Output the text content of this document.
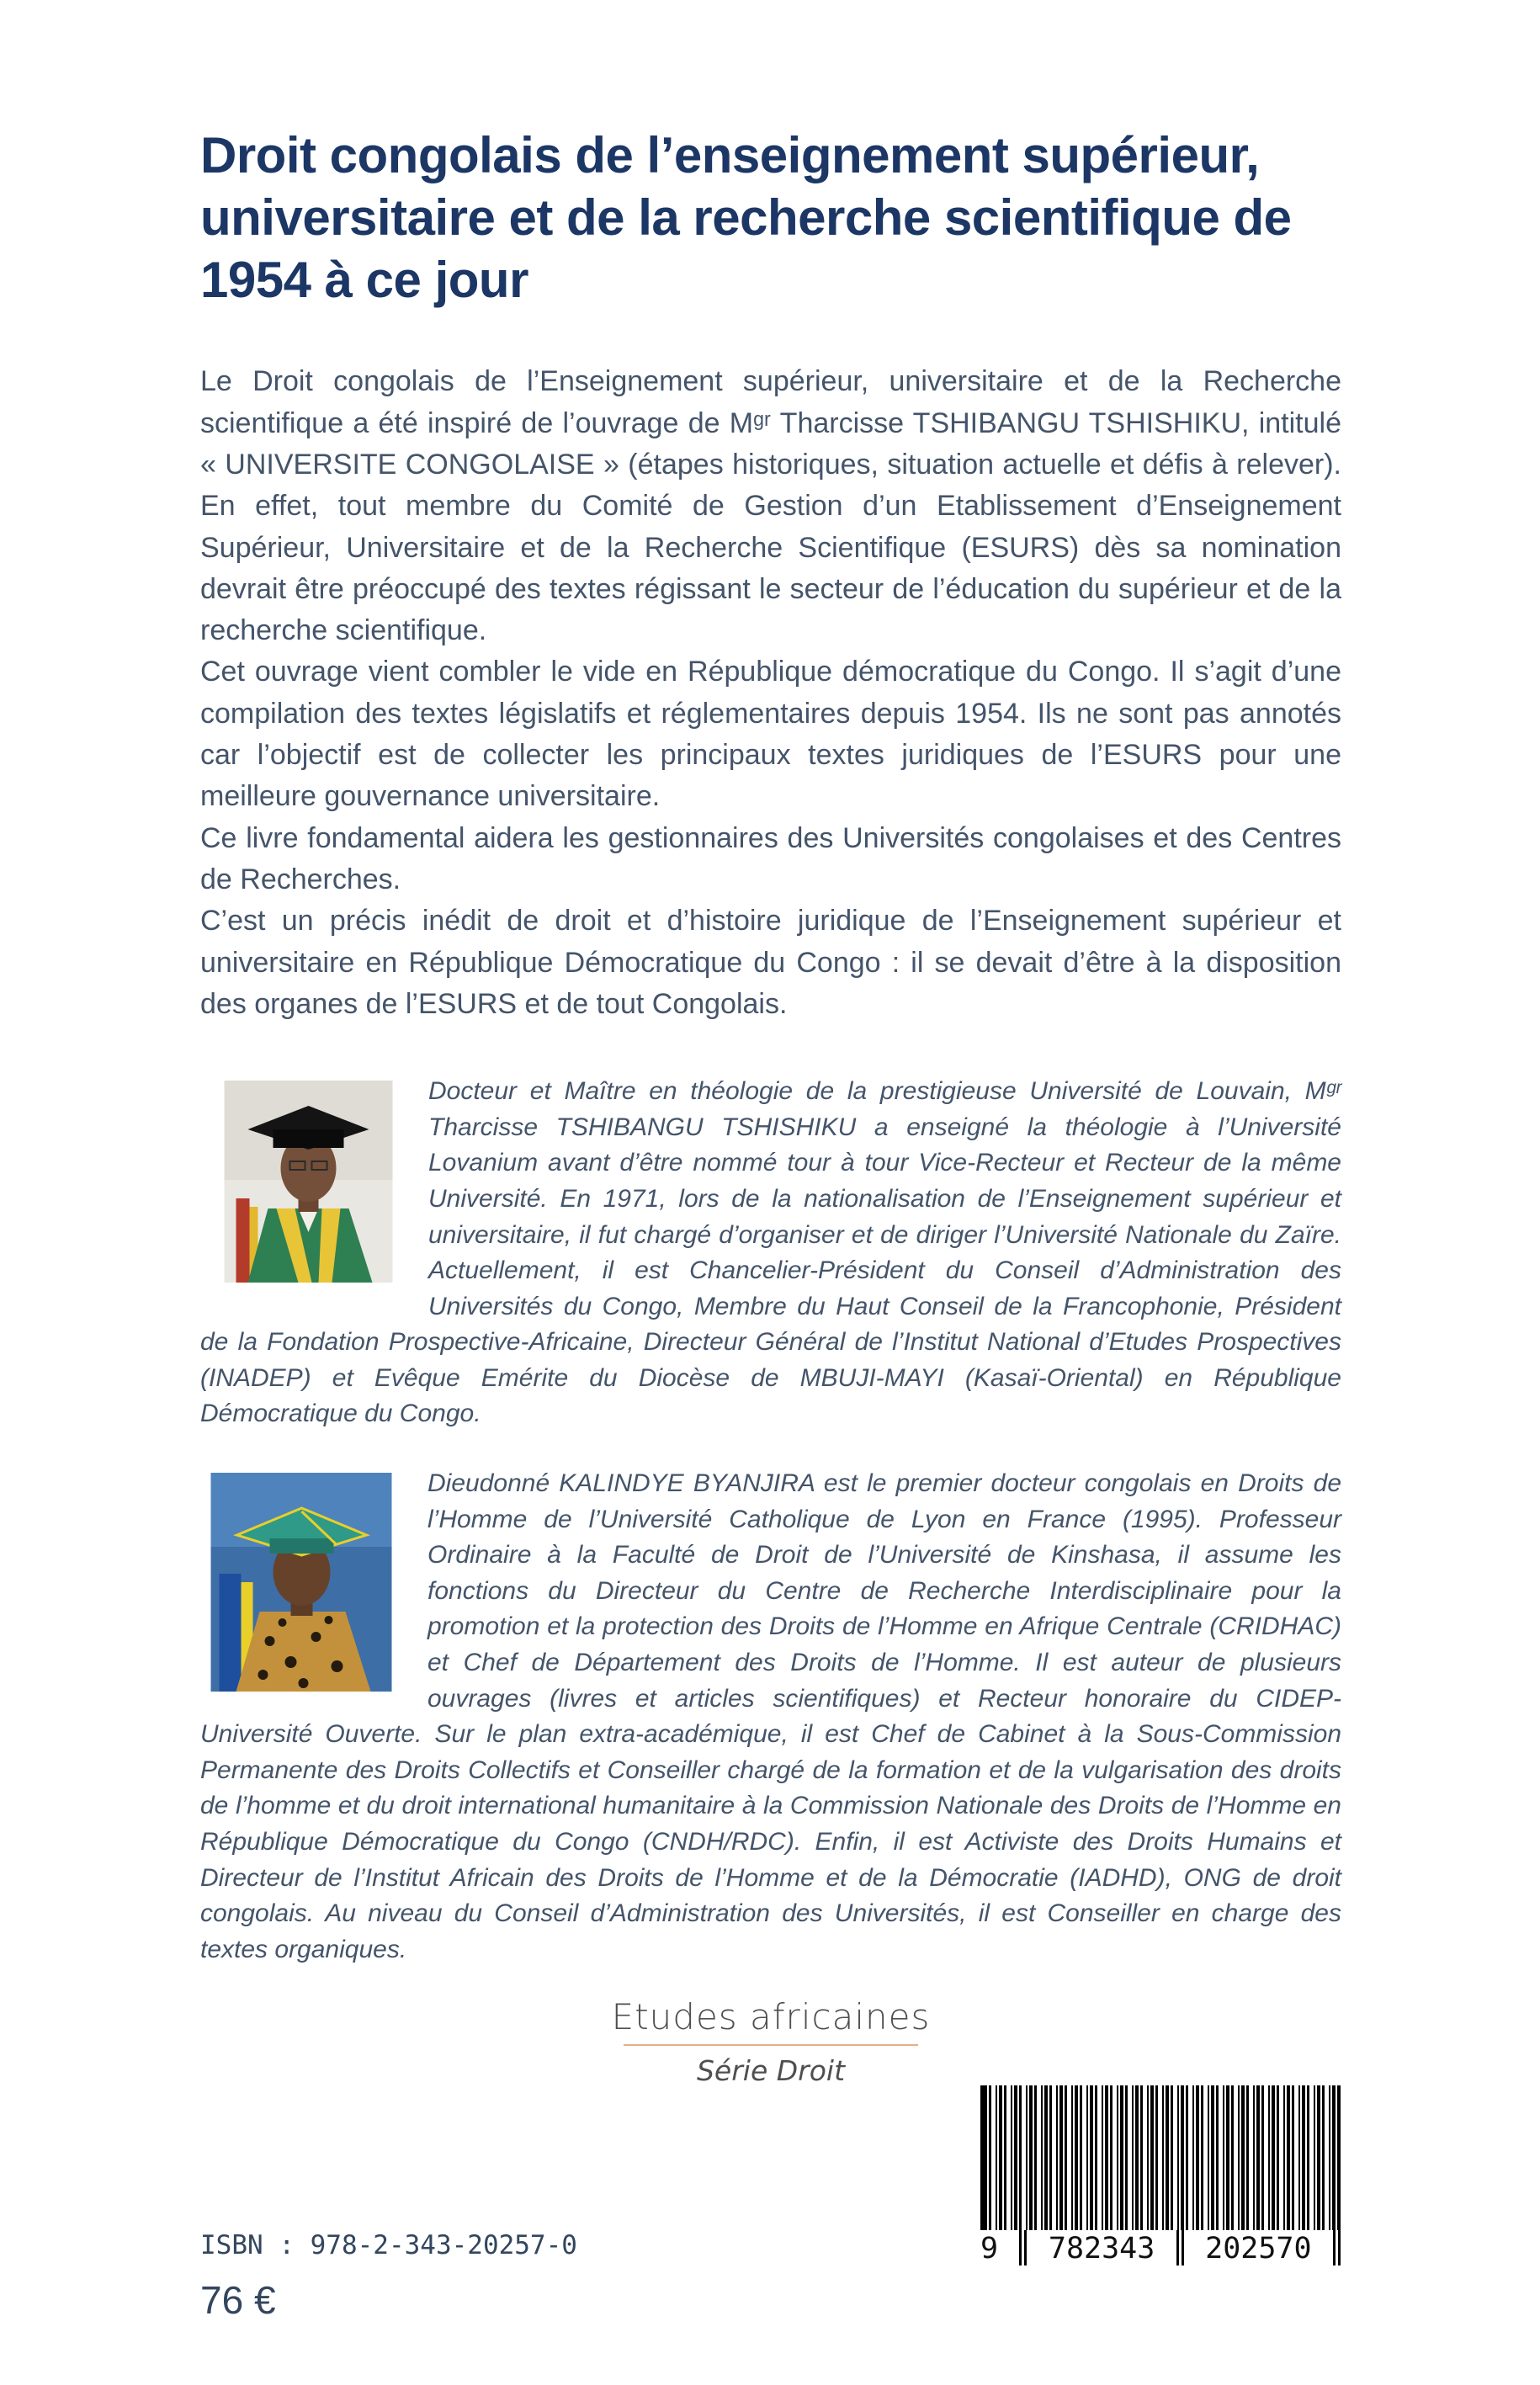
Droit congolais de l’enseignement supérieur, universitaire et de la recherche scientifique de 1954 à ce jour

Le Droit congolais de l’Enseignement supérieur, universitaire et de la Recherche scientifique a été inspiré de l’ouvrage de Mᵍʳ Tharcisse TSHIBANGU TSHISHIKU, intitulé « UNIVERSITE CONGOLAISE » (étapes historiques, situation actuelle et défis à relever). En effet, tout membre du Comité de Gestion d’un Etablissement d’Enseignement Supérieur, Universitaire et de la Recherche Scientifique (ESURS) dès sa nomination devrait être préoccupé des textes régissant le secteur de l’éducation du supérieur et de la recherche scientifique.

Cet ouvrage vient combler le vide en République démocratique du Congo. Il s’agit d’une compilation des textes législatifs et réglementaires depuis 1954. Ils ne sont pas annotés car l’objectif est de collecter les principaux textes juridiques de l’ESURS pour une meilleure gouvernance universitaire.

Ce livre fondamental aidera les gestionnaires des Universités congolaises et des Centres de Recherches.

C’est un précis inédit de droit et d’histoire juridique de l’Enseignement supérieur et universitaire en République Démocratique du Congo : il se devait d’être à la disposition des organes de l’ESURS et de tout Congolais.

Docteur et Maître en théologie de la prestigieuse Université de Louvain, Mᵍʳ Tharcisse TSHIBANGU TSHISHIKU a enseigné la théologie à l’Université Lovanium avant d’être nommé tour à tour Vice-Recteur et Recteur de la même Université. En 1971, lors de la nationalisation de l’Enseignement supérieur et universitaire, il fut chargé d’organiser et de diriger l’Université Nationale du Zaïre. Actuellement, il est Chancelier-Président du Conseil d’Administration des Universités du Congo, Membre du Haut Conseil de la Francophonie, Président de la Fondation Prospective-Africaine, Directeur Général de l’Institut National d’Etudes Prospectives (INADEP) et Evêque Emérite du Diocèse de MBUJI-MAYI (Kasaï-Oriental) en République Démocratique du Congo.

Dieudonné KALINDYE BYANJIRA est le premier docteur congolais en Droits de l’Homme de l’Université Catholique de Lyon en France (1995). Professeur Ordinaire à la Faculté de Droit de l’Université de Kinshasa, il assume les fonctions du Directeur du Centre de Recherche Interdisciplinaire pour la promotion et la protection des Droits de l’Homme en Afrique Centrale (CRIDHAC) et Chef de Département des Droits de l’Homme. Il est auteur de plusieurs ouvrages (livres et articles scientifiques) et Recteur honoraire du CIDEP-Université Ouverte. Sur le plan extra-académique, il est Chef de Cabinet à la Sous-Commission Permanente des Droits Collectifs et Conseiller chargé de la formation et de la vulgarisation des droits de l’homme et du droit international humanitaire à la Commission Nationale des Droits de l’Homme en République Démocratique du Congo (CNDH/RDC). Enfin, il est Activiste des Droits Humains et Directeur de l’Institut Africain des Droits de l’Homme et de la Démocratie (IADHD), ONG de droit congolais. Au niveau du Conseil d’Administration des Universités, il est Conseiller en charge des textes organiques.

Etudes africaines
Série Droit
9 782343 202570
ISBN : 978-2-343-20257-0
76 €
